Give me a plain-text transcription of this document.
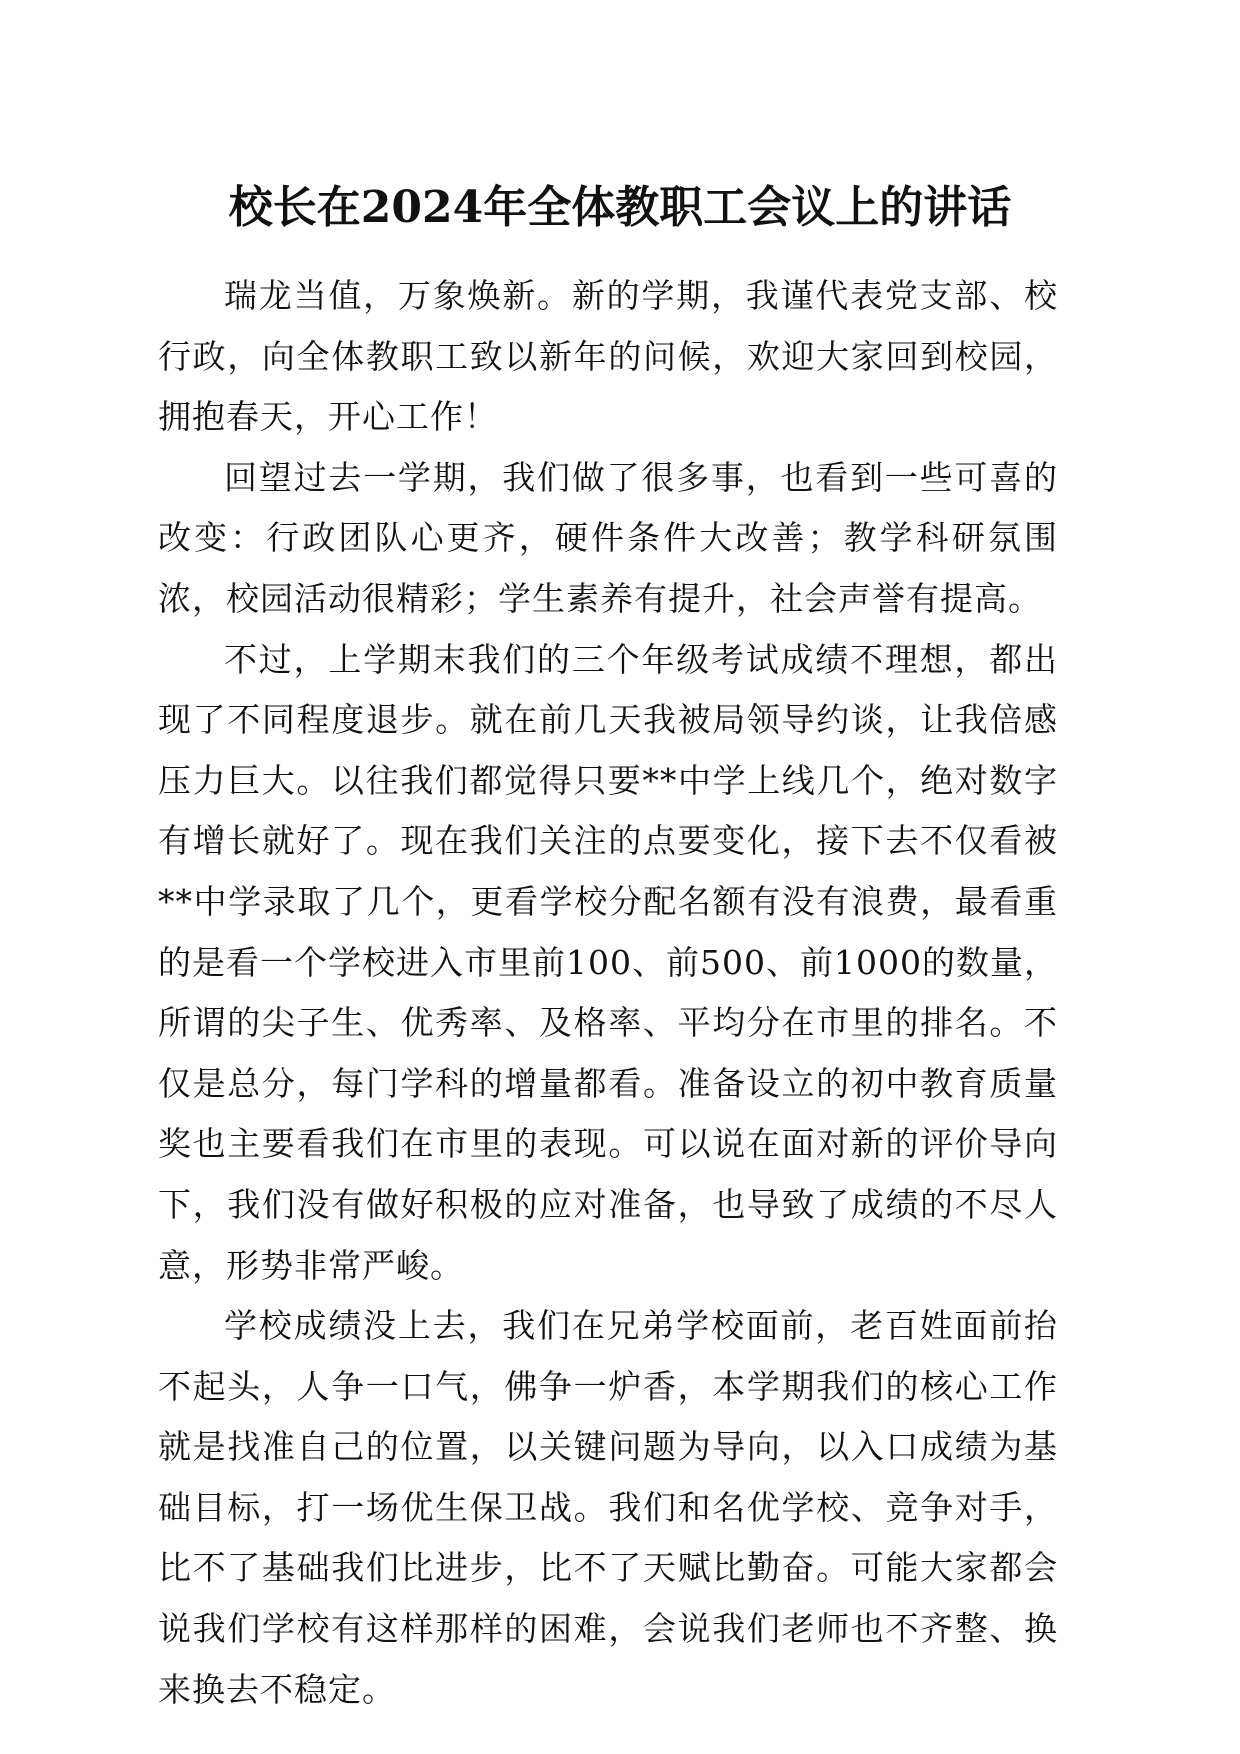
校长在2024年全体教职工会议上的讲话

瑞龙当值，万象焕新。新的学期，我谨代表党支部、校行政，向全体教职工致以新年的问候，欢迎大家回到校园，拥抱春天，开心工作！

回望过去一学期，我们做了很多事，也看到一些可喜的改变：行政团队心更齐，硬件条件大改善；教学科研氛围浓，校园活动很精彩；学生素养有提升，社会声誉有提高。

不过，上学期末我们的三个年级考试成绩不理想，都出现了不同程度退步。就在前几天我被局领导约谈，让我倍感压力巨大。以往我们都觉得只要**中学上线几个，绝对数字有增长就好了。现在我们关注的点要变化，接下去不仅看被**中学录取了几个，更看学校分配名额有没有浪费，最看重的是看一个学校进入市里前100、前500、前1000的数量，所谓的尖子生、优秀率、及格率、平均分在市里的排名。不仅是总分，每门学科的增量都看。准备设立的初中教育质量奖也主要看我们在市里的表现。可以说在面对新的评价导向下，我们没有做好积极的应对准备，也导致了成绩的不尽人意，形势非常严峻。

学校成绩没上去，我们在兄弟学校面前，老百姓面前抬不起头，人争一口气，佛争一炉香，本学期我们的核心工作就是找准自己的位置，以关键问题为导向，以入口成绩为基础目标，打一场优生保卫战。我们和名优学校、竞争对手，比不了基础我们比进步，比不了天赋比勤奋。可能大家都会说我们学校有这样那样的困难，会说我们老师也不齐整、换来换去不稳定。
